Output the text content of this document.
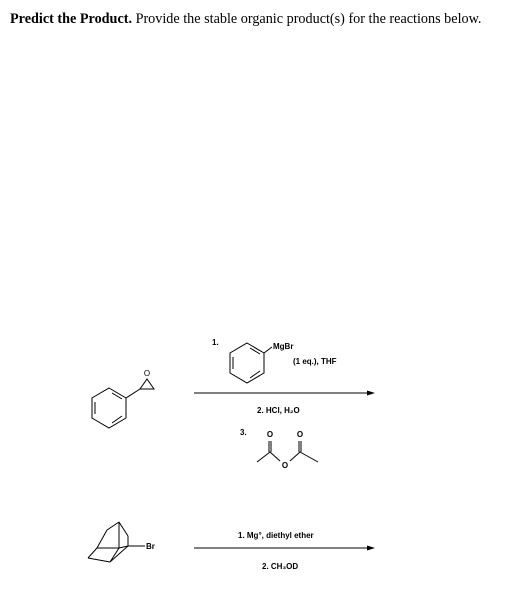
Predict the Product. Provide the stable organic product(s) for the reactions below.
O
1.	MgBr
(1 eq.), THF
2. HCl, H₂O
3.	O	O
O
Br
1. Mg°, diethyl ether
2. CH₃OD
